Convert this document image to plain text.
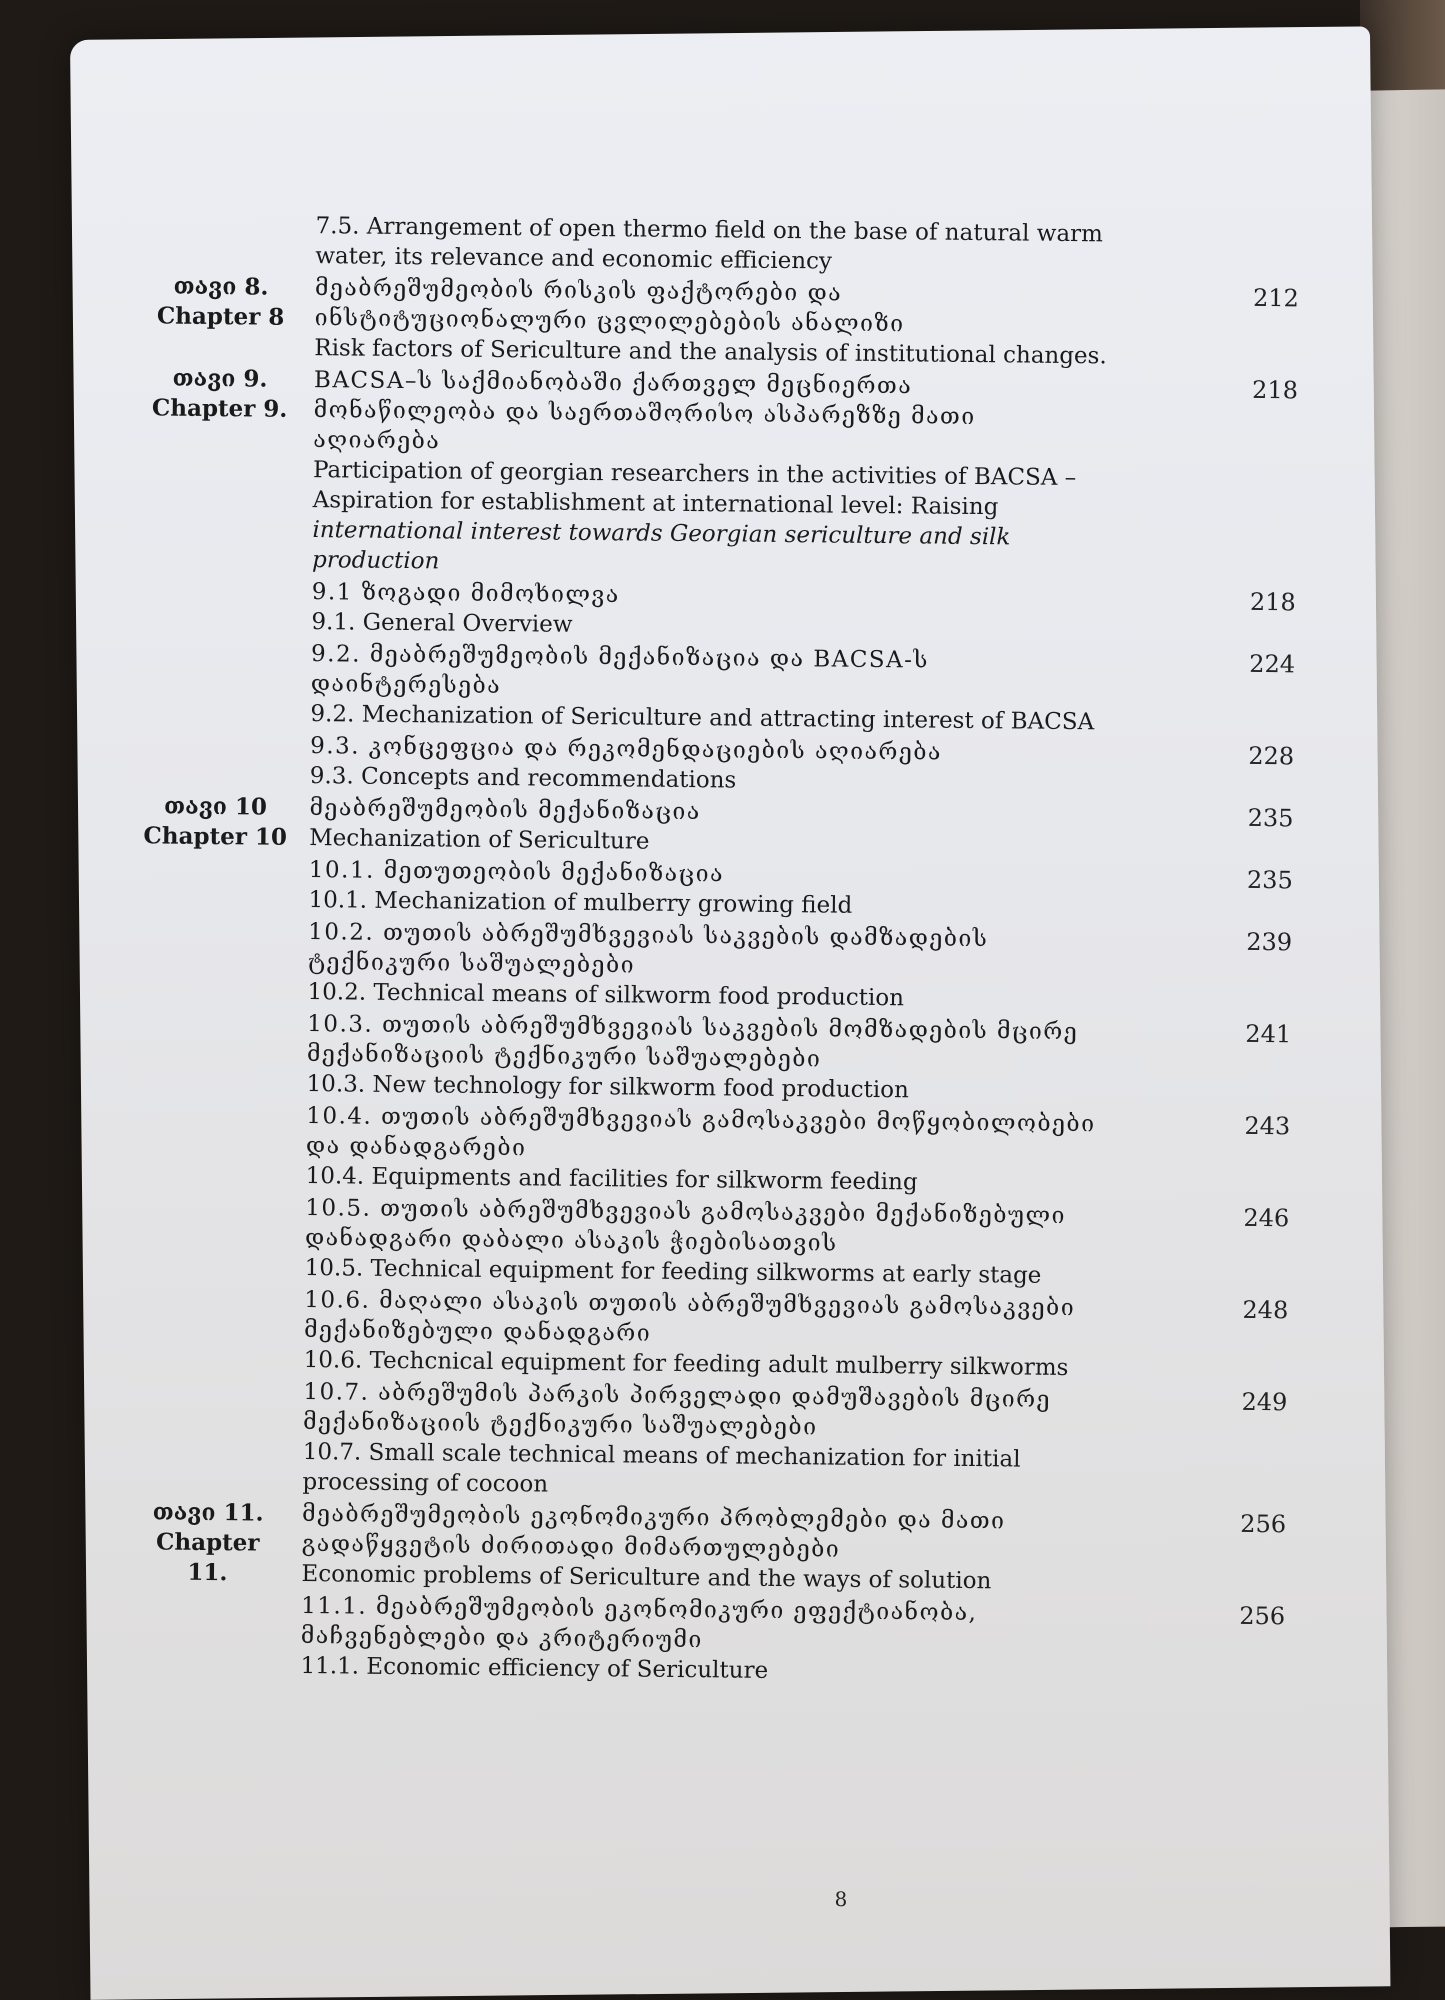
7.5. Arrangement of open thermo field on the base of natural warm
water, its relevance and economic efficiency
თავი 8.
Chapter 8
მეაბრეშუმეობის რისკის ფაქტორები და
ინსტიტუციონალური ცვლილებების ანალიზი
Risk factors of Sericulture and the analysis of institutional changes.
212
თავი 9.
Chapter 9.
BACSA–ს საქმიანობაში ქართველ მეცნიერთა
მონაწილეობა და საერთაშორისო ასპარეზზე მათი
აღიარება
Participation of georgian researchers in the activities of BACSA –
Aspiration for establishment at international level: Raising
international interest towards Georgian sericulture and silk
production
218
9.1 ზოგადი მიმოხილვა
9.1. General Overview
218
9.2. მეაბრეშუმეობის მექანიზაცია და BACSA-ს
დაინტერესება
9.2. Mechanization of Sericulture and attracting interest of BACSA
224
9.3. კონცეფცია და რეკომენდაციების აღიარება
9.3. Concepts and recommendations
228
თავი 10
Chapter 10
მეაბრეშუმეობის მექანიზაცია
Mechanization of Sericulture
235
10.1. მეთუთეობის მექანიზაცია
10.1. Mechanization of mulberry growing field
235
10.2. თუთის აბრეშუმხვევიას საკვების დამზადების
ტექნიკური საშუალებები
10.2. Technical means of silkworm food production
239
10.3. თუთის აბრეშუმხვევიას საკვების მომზადების მცირე
მექანიზაციის ტექნიკური საშუალებები
10.3. New technology for silkworm food production
241
10.4. თუთის აბრეშუმხვევიას გამოსაკვები მოწყობილობები
და დანადგარები
10.4. Equipments and facilities for silkworm feeding
243
10.5. თუთის აბრეშუმხვევიას გამოსაკვები მექანიზებული
დანადგარი დაბალი ასაკის ჭიებისათვის
10.5. Technical equipment for feeding silkworms at early stage
246
10.6. მაღალი ასაკის თუთის აბრეშუმხვევიას გამოსაკვები
მექანიზებული დანადგარი
10.6. Techcnical equipment for feeding adult mulberry silkworms
248
10.7. აბრეშუმის პარკის პირველადი დამუშავების მცირე
მექანიზაციის ტექნიკური საშუალებები
10.7. Small scale technical means of mechanization for initial
processing of cocoon
249
თავი 11.
Chapter
11.
მეაბრეშუმეობის ეკონომიკური პრობლემები და მათი
გადაწყვეტის ძირითადი მიმართულებები
Economic problems of Sericulture and the ways of solution
256
11.1. მეაბრეშუმეობის ეკონომიკური ეფექტიანობა,
მაჩვენებლები და კრიტერიუმი
11.1. Economic efficiency of Sericulture
256
8
